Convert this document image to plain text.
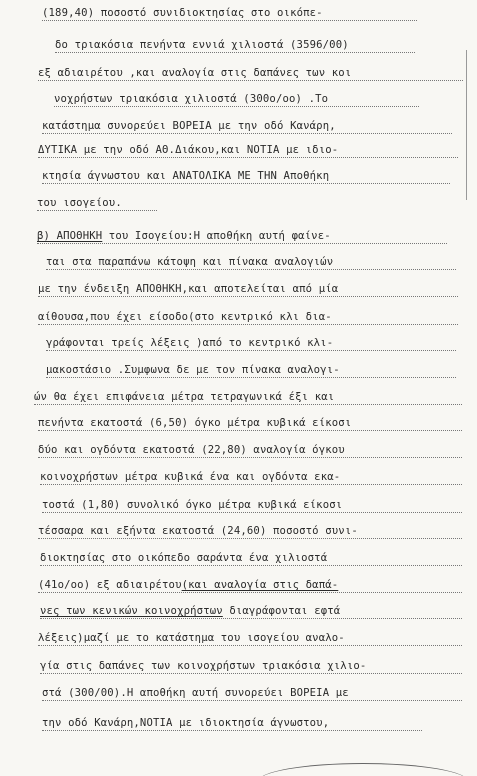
(189,40) ποσοστό συνιδιοκτησίας στο οικόπε-
δο τριακόσια πενήντα εννιά χιλιοστά (3596/00)
εξ αδιαιρέτου ,και αναλογία στις δαπάνες των κοι
νοχρήστων τριακόσια χιλιοστά (300ο/οο) .Το
κατάστημα συνορεύει ΒΟΡΕΙΑ με την οδό Κανάρη,
ΔΥΤΙΚΑ με την οδό ΑΘ.Διάκου,και ΝΟΤΙΑ με ιδιο-
κτησία άγνωστου και ΑΝΑΤΟΛΙΚΑ ΜΕ ΤΗΝ Αποθήκη
του ισογείου.
β) ΑΠΟΘΗΚΗ του Ισογείου:Η αποθήκη αυτή φαίνε-
ται στα παραπάνω κάτοψη και πίνακα αναλογιών
με την ένδειξη ΑΠΟΘΗΚΗ,και αποτελείται από μία
αίθουσα,που έχει είσοδο(στο κεντρικό κλι δια-
γράφονται τρείς λέξεις )από το κεντρικό κλι-
μακοστάσιο .Συμφωνα δε με τον πίνακα αναλογι-
ών θα έχει επιφάνεια μέτρα τετραγωνικά έξι και
πενήντα εκατοστά (6,50) όγκο μέτρα κυβικά είκοσι
δύο και ογδόντα εκατοστά (22,80) αναλογία όγκου
κοινοχρήστων μέτρα κυβικά ένα και ογδόντα εκα-
τοστά (1,80) συνολικό όγκο μέτρα κυβικά είκοσι
τέσσαρα και εξήντα εκατοστά (24,60) ποσοστό συνι-
διοκτησίας στο οικόπεδο σαράντα ένα χιλιοστά
(41ο/οο) εξ αδιαιρέτου(και αναλογία στις δαπά-
νες των κενικών κοινοχρήστων διαγράφονται εφτά
λέξεις)μαζί με το κατάστημα του ισογείου αναλο-
γία στις δαπάνες των κοινοχρήστων τριακόσια χιλιο-
στά (300/00).Η αποθήκη αυτή συνορεύει ΒΟΡΕΙΑ με
την οδό Κανάρη,ΝΟΤΙΑ με ιδιοκτησία άγνωστου,
